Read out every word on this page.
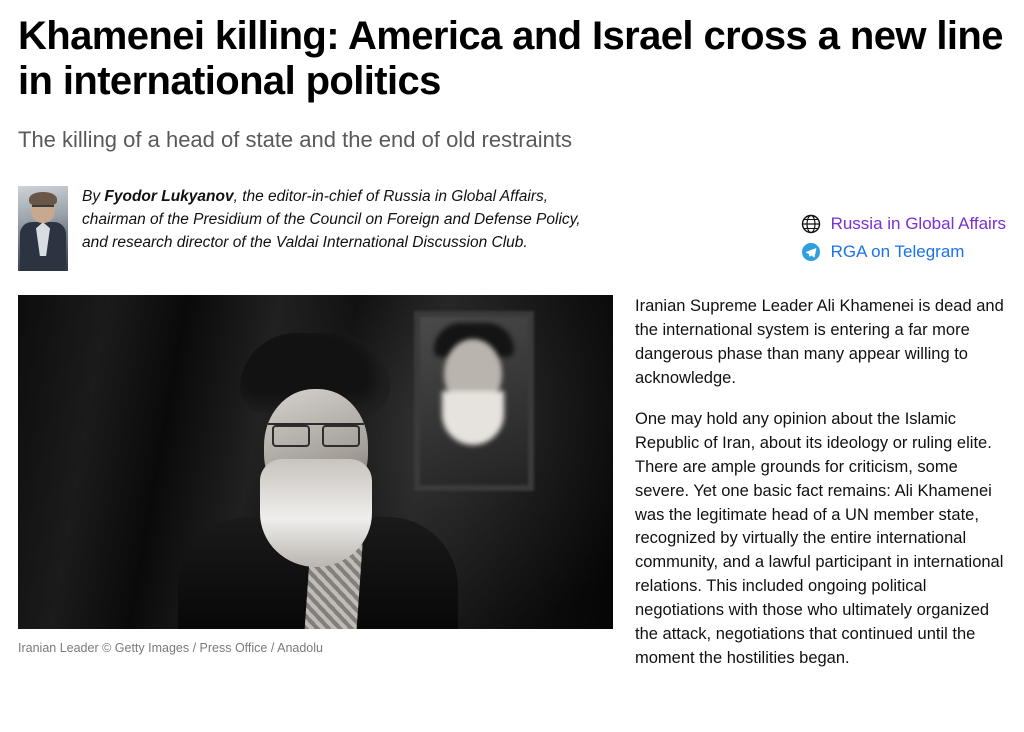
Khamenei killing: America and Israel cross a new line in international politics
The killing of a head of state and the end of old restraints
By Fyodor Lukyanov, the editor-in-chief of Russia in Global Affairs, chairman of the Presidium of the Council on Foreign and Defense Policy, and research director of the Valdai International Discussion Club.
Russia in Global Affairs
RGA on Telegram
Iranian Leader © Getty Images / Press Office / Anadolu

Iranian Supreme Leader Ali Khamenei is dead and the international system is entering a far more dangerous phase than many appear willing to acknowledge.

One may hold any opinion about the Islamic Republic of Iran, about its ideology or ruling elite. There are ample grounds for criticism, some severe. Yet one basic fact remains: Ali Khamenei was the legitimate head of a UN member state, recognized by virtually the entire international community, and a lawful participant in international relations. This included ongoing political negotiations with those who ultimately organized the attack, negotiations that continued until the moment the hostilities began.
